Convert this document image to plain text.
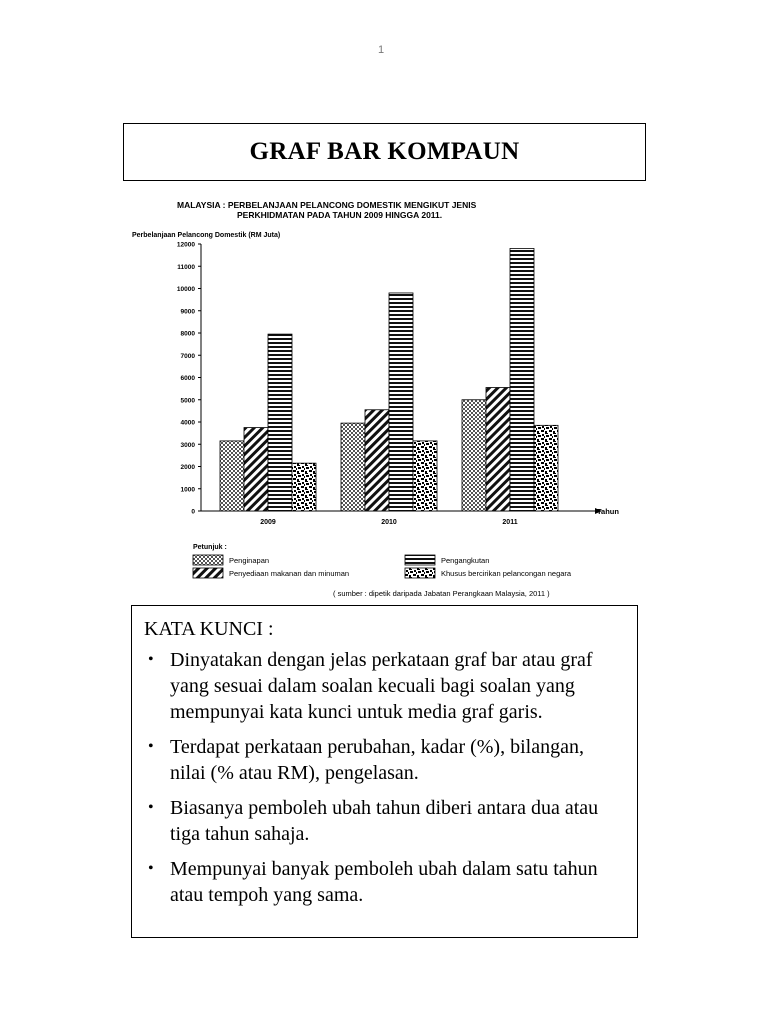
1
GRAF BAR KOMPAUN
MALAYSIA : PERBELANJAAN PELANCONG DOMESTIK MENGIKUT JENIS
PERKHIDMATAN PADA TAHUN 2009 HINGGA 2011.
Perbelanjaan Pelancong Domestik (RM Juta)
0
1000
2000
3000
4000
5000
6000
7000
8000
9000
10000
11000
12000
2009	2010	2011
Tahun
Petunjuk :
Penginapan
Penyediaan makanan dan minuman
Pengangkutan
Khusus bercirikan pelancongan negara
( sumber : dipetik daripada Jabatan Perangkaan Malaysia, 2011 )
KATA KUNCI :
• Dinyatakan dengan jelas perkataan graf bar atau graf yang sesuai dalam soalan kecuali bagi soalan yang mempunyai kata kunci untuk media graf garis.
• Terdapat perkataan perubahan, kadar (%), bilangan, nilai (% atau RM), pengelasan.
• Biasanya pemboleh ubah tahun diberi antara dua atau tiga tahun sahaja.
• Mempunyai banyak pemboleh ubah dalam satu tahun atau tempoh yang sama.
